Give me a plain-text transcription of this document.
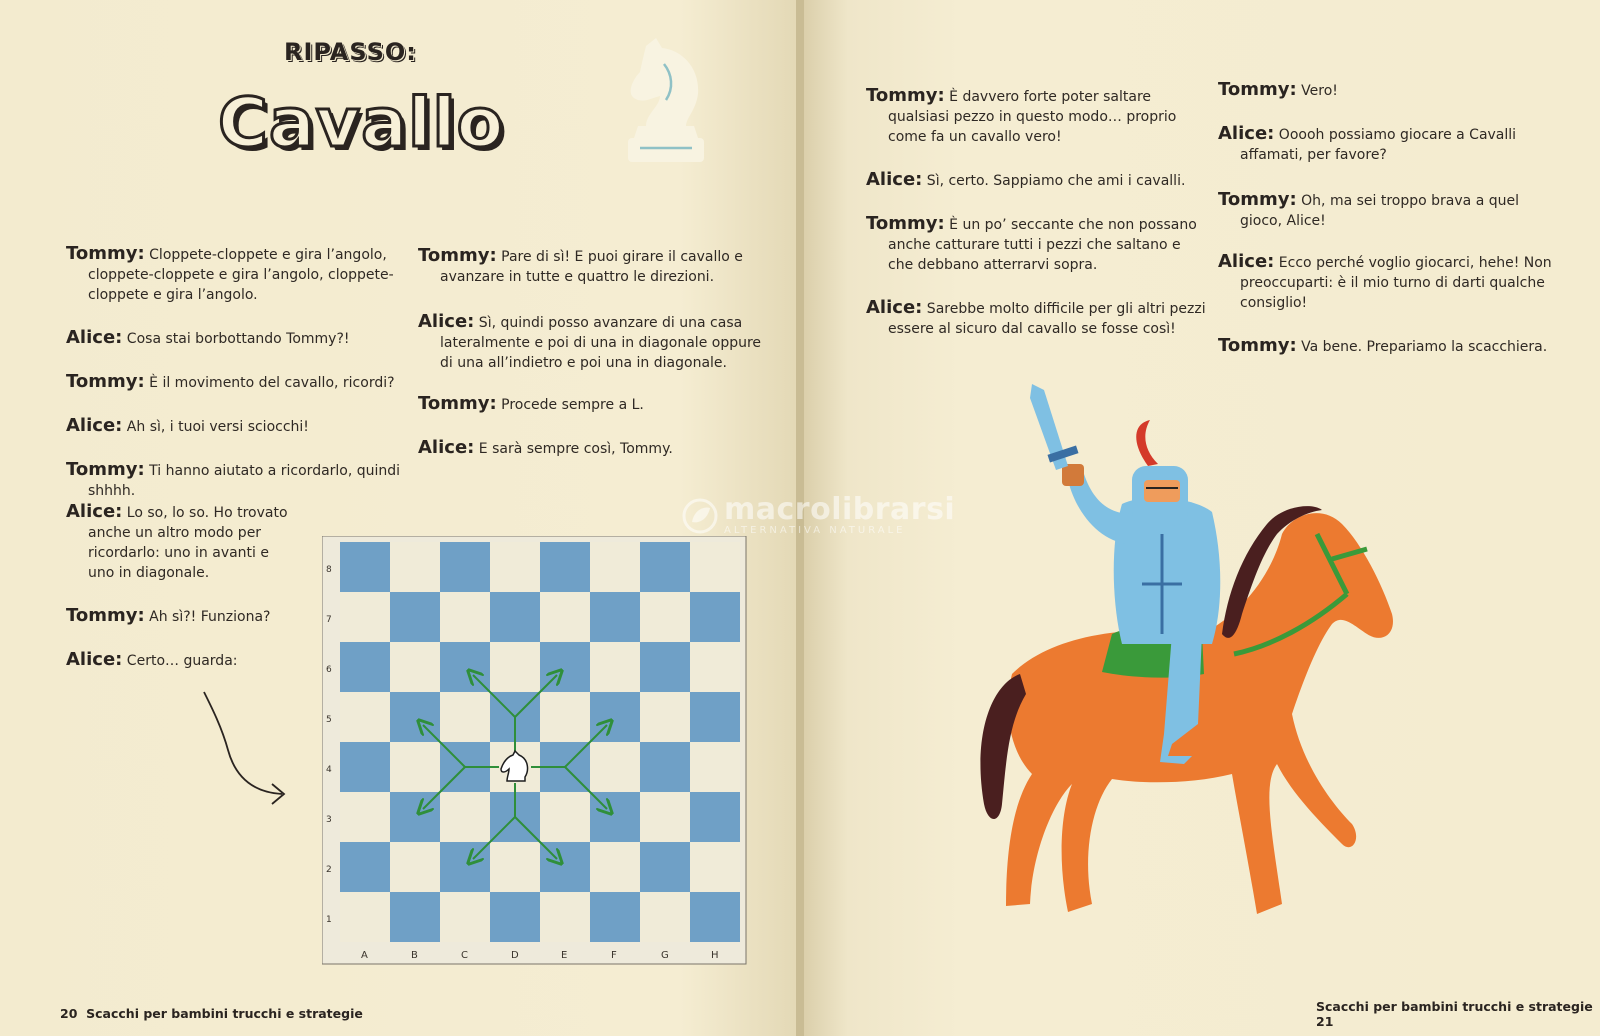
RIPASSO:
Cavallo
Tommy: Cloppete-cloppete e gira l’angolo,
cloppete-cloppete e gira l’angolo, cloppete-
cloppete e gira l’angolo.
Alice: Cosa stai borbottando Tommy?!
Tommy: È il movimento del cavallo, ricordi?
Alice: Ah sì, i tuoi versi sciocchi!
Tommy: Ti hanno aiutato a ricordarlo, quindi
shhhh.
Alice: Lo so, lo so. Ho trovato
anche un altro modo per
ricordarlo: uno in avanti e
uno in diagonale.
Tommy: Ah sì?! Funziona?
Alice: Certo… guarda:
Tommy: Pare di sì! E puoi girare il cavallo e
avanzare in tutte e quattro le direzioni.
Alice: Sì, quindi posso avanzare di una casa
lateralmente e poi di una in diagonale oppure
di una all’indietro e poi una in diagonale.
Tommy: Procede sempre a L.
Alice: E sarà sempre così, Tommy.
8
7
6
5
4
3
2
1
A	B	C	D	E	F	G	H
20 Scacchi per bambini trucchi e strategie
Tommy: È davvero forte poter saltare
qualsiasi pezzo in questo modo… proprio
come fa un cavallo vero!
Alice: Sì, certo. Sappiamo che ami i cavalli.
Tommy: È un po’ seccante che non possano
anche catturare tutti i pezzi che saltano e
che debbano atterrarvi sopra.
Alice: Sarebbe molto difficile per gli altri pezzi
essere al sicuro dal cavallo se fosse così!
Tommy: Vero!
Alice: Ooooh possiamo giocare a Cavalli
affamati, per favore?
Tommy: Oh, ma sei troppo brava a quel
gioco, Alice!
Alice: Ecco perché voglio giocarci, hehe! Non
preoccuparti: è il mio turno di darti qualche
consiglio!
Tommy: Va bene. Prepariamo la scacchiera.
macrolibrarsi
ALTERNATIVA NATURALE
Scacchi per bambini trucchi e strategie  21
